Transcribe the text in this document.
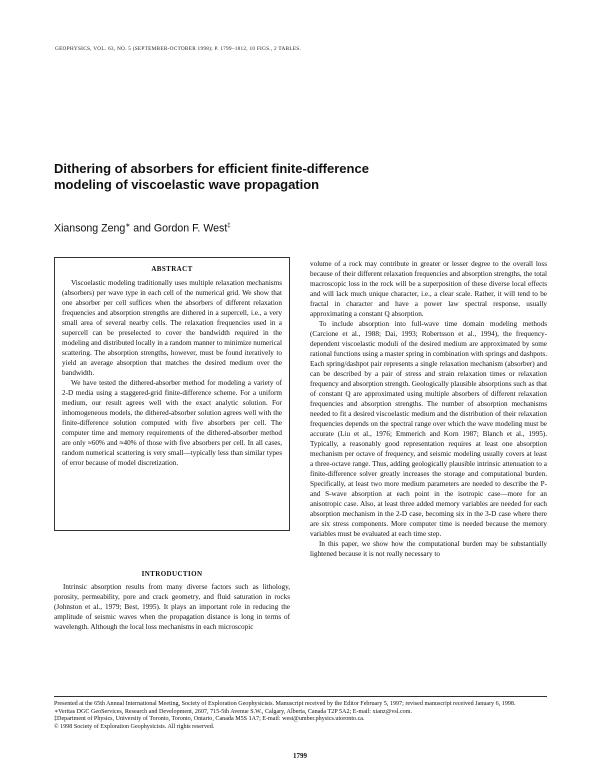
GEOPHYSICS, VOL. 63, NO. 5 (SEPTEMBER-OCTOBER 1998); P. 1799–1812, 10 FIGS., 2 TABLES.
Dithering of absorbers for efficient finite-difference
modeling of viscoelastic wave propagation
Xiansong Zeng∗ and Gordon F. West‡
ABSTRACT

Viscoelastic modeling traditionally uses multiple relaxation mechanisms (absorbers) per wave type in each cell of the numerical grid. We show that one absorber per cell suffices when the absorbers of different relaxation frequencies and absorption strengths are dithered in a supercell, i.e., a very small area of several nearby cells. The relaxation frequencies used in a supercell can be preselected to cover the bandwidth required in the modeling and distributed locally in a random manner to minimize numerical scattering. The absorption strengths, however, must be found iteratively to yield an average absorption that matches the desired medium over the bandwidth.

We have tested the dithered-absorber method for modeling a variety of 2-D media using a staggered-grid finite-difference scheme. For a uniform medium, our result agrees well with the exact analytic solution. For inhomogeneous models, the dithered-absorber solution agrees well with the finite-difference solution computed with five absorbers per cell. The computer time and memory requirements of the dithered-absorber method are only ≈60% and ≈40% of those with five absorbers per cell. In all cases, random numerical scattering is very small—typically less than similar types of error because of model discretization.

INTRODUCTION

Intrinsic absorption results from many diverse factors such as lithology, porosity, permeability, pore and crack geometry, and fluid saturation in rocks (Johnston et al., 1979; Best, 1995). It plays an important role in reducing the amplitude of seismic waves when the propagation distance is long in terms of wavelength. Although the local loss mechanisms in each microscopic

volume of a rock may contribute in greater or lesser degree to the overall loss because of their different relaxation frequencies and absorption strengths, the total macroscopic loss in the rock will be a superposition of these diverse local effects and will lack much unique character, i.e., a clear scale. Rather, it will tend to be fractal in character and have a power law spectral response, usually approximating a constant Q absorption.

To include absorption into full-wave time domain modeling methods (Carcione et al., 1988; Dai, 1993; Robertsson et al., 1994), the frequency-dependent viscoelastic moduli of the desired medium are approximated by some rational functions using a master spring in combination with springs and dashpots. Each spring/dashpot pair represents a single relaxation mechanism (absorber) and can be described by a pair of stress and strain relaxation times or relaxation frequency and absorption strength. Geologically plausible absorptions such as that of constant Q are approximated using multiple absorbers of different relaxation frequencies and absorption strengths. The number of absorption mechanisms needed to fit a desired viscoelastic medium and the distribution of their relaxation frequencies depends on the spectral range over which the wave modeling must be accurate (Liu et al., 1976; Emmerich and Korn 1987; Blanch et al., 1995). Typically, a reasonably good representation requires at least one absorption mechanism per octave of frequency, and seismic modeling usually covers at least a three-octave range. Thus, adding geologically plausible intrinsic attenuation to a finite-difference solver greatly increases the storage and computational burden. Specifically, at least two more medium parameters are needed to describe the P- and S-wave absorption at each point in the isotropic case—more for an anisotropic case. Also, at least three added memory variables are needed for each absorption mechanism in the 2-D case, becoming six in the 3-D case where there are six stress components. More computer time is needed because the memory variables must be evaluated at each time step.

In this paper, we show how the computational burden may be substantially lightened because it is not really necessary to

Presented at the 65th Annual International Meeting, Society of Exploration Geophysicists. Manuscript received by the Editor February 5, 1997; revised manuscript received January 6, 1998.

∗Veritas DGC GeoServices, Research and Development, 2607, 715-5th Avenue S.W., Calgary, Alberta, Canada T2P 5A2; E-mail: xianz@vsl.com.

‡Department of Physics, University of Toronto, Toronto, Ontario, Canada M5S 1A7; E-mail: west@umber.physics.utoronto.ca.

© 1998 Society of Exploration Geophysicists. All rights reserved.

1799
